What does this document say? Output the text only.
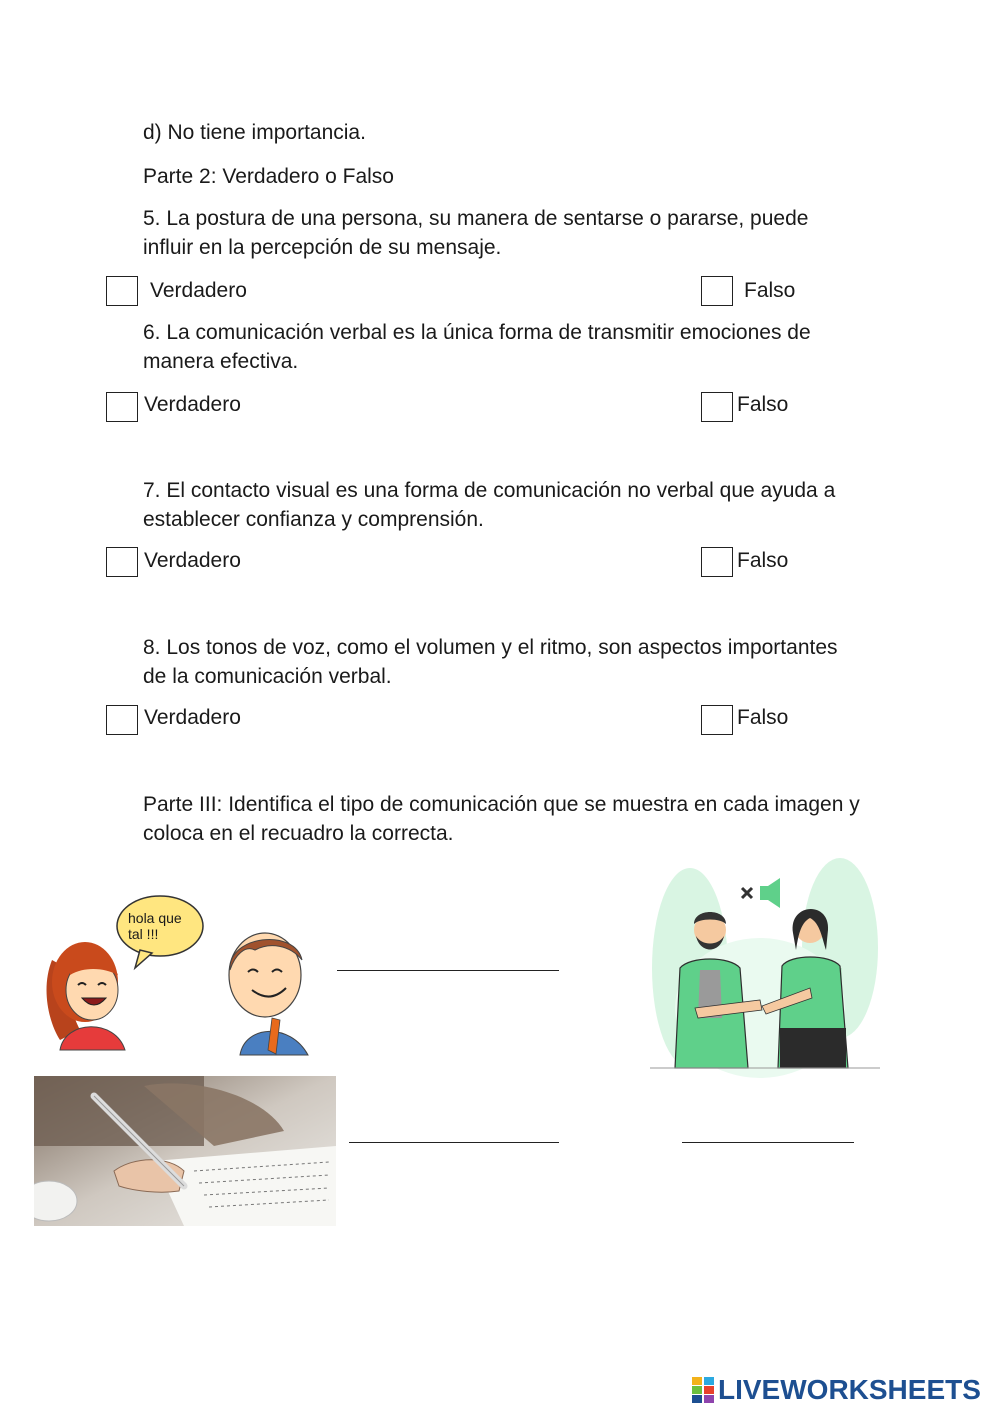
d) No tiene importancia.

Parte 2: Verdadero o Falso

5. La postura de una persona, su manera de sentarse o pararse, puede influir en la percepción de su mensaje.

Verdadero	Falso

6. La comunicación verbal es la única forma de transmitir emociones de manera efectiva.

Verdadero	Falso

7. El contacto visual es una forma de comunicación no verbal que ayuda a establecer confianza y comprensión.

Verdadero	Falso

8. Los tonos de voz, como el volumen y el ritmo, son aspectos importantes de la comunicación verbal.

Verdadero	Falso

Parte III: Identifica el tipo de comunicación que se muestra en cada imagen y coloca en el recuadro la correcta.

hola que tal !!!
LIVEWORKSHEETS
